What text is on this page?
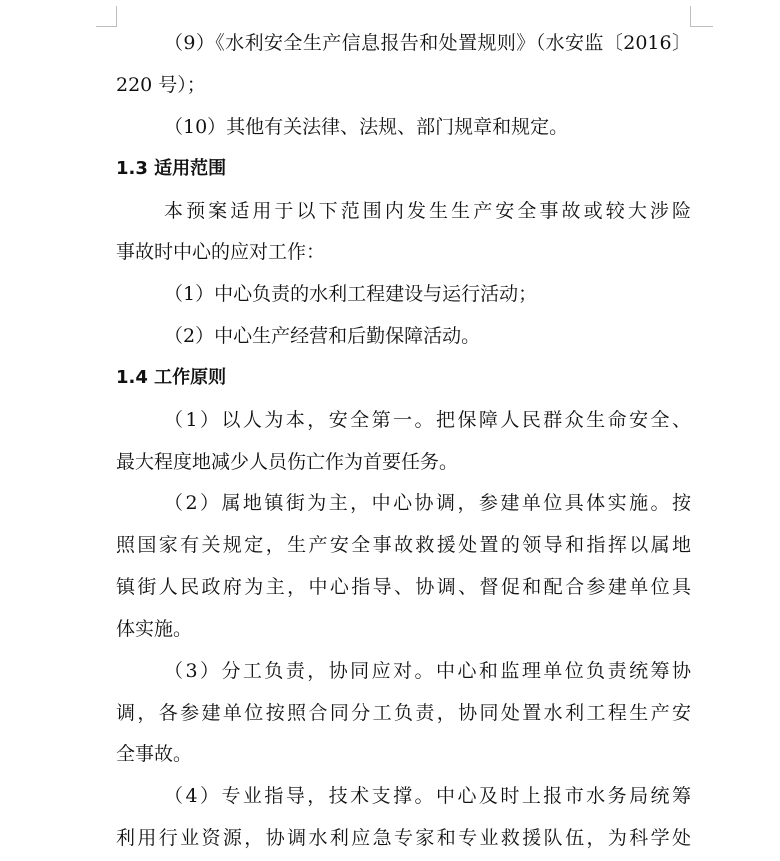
（9）《水利安全生产信息报告和处置规则》（水安监〔2016〕
220 号）；
（10）其他有关法律、法规、部门规章和规定。
1.3 适用范围
本预案适用于以下范围内发生生产安全事故或较大涉险
事故时中心的应对工作：
（1）中心负责的水利工程建设与运行活动；
（2）中心生产经营和后勤保障活动。
1.4 工作原则
（1）以人为本，安全第一。把保障人民群众生命安全、
最大程度地减少人员伤亡作为首要任务。
（2）属地镇街为主，中心协调，参建单位具体实施。按
照国家有关规定，生产安全事故救援处置的领导和指挥以属地
镇街人民政府为主，中心指导、协调、督促和配合参建单位具
体实施。
（3）分工负责，协同应对。中心和监理单位负责统筹协
调，各参建单位按照合同分工负责，协同处置水利工程生产安
全事故。
（4）专业指导，技术支撑。中心及时上报市水务局统筹
利用行业资源，协调水利应急专家和专业救援队伍，为科学处
